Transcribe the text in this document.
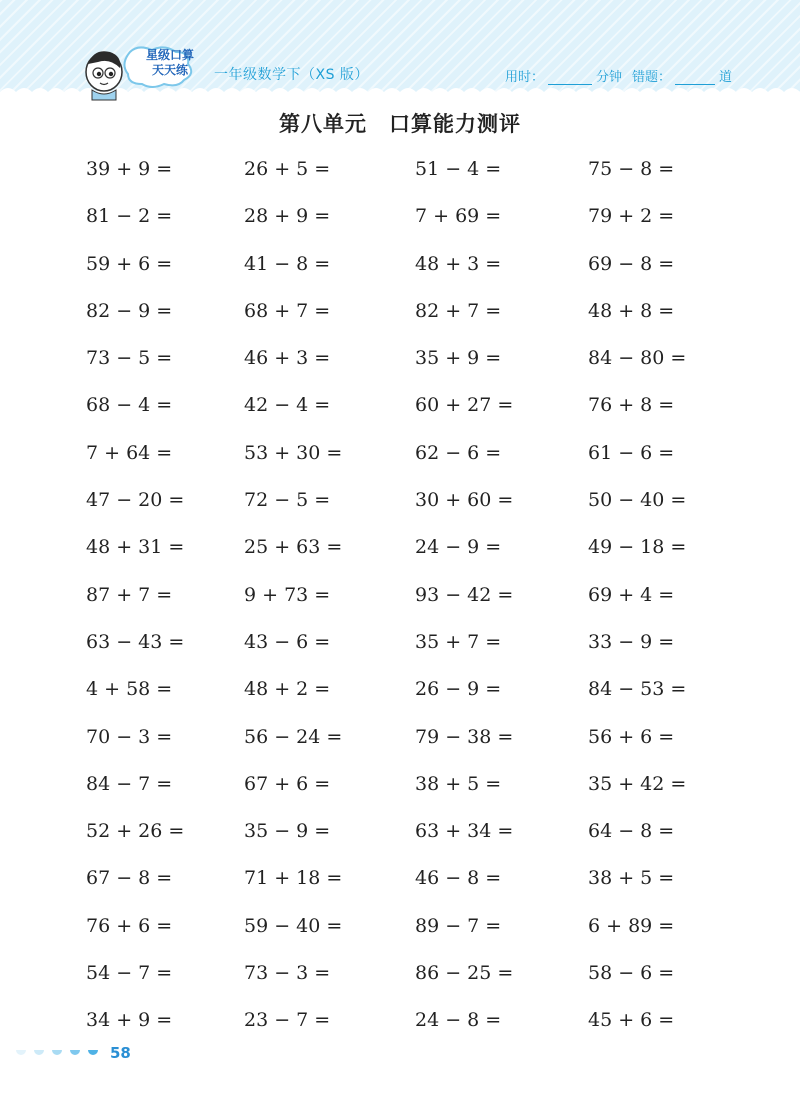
星级口算
天天练	一年级数学下（XS 版）	用时：	分钟 错题：	道
第八单元　口算能力测评
39 + 9 =	26 + 5 =	51 − 4 =	75 − 8 =
81 − 2 =	28 + 9 =	7 + 69 =	79 + 2 =
59 + 6 =	41 − 8 =	48 + 3 =	69 − 8 =
82 − 9 =	68 + 7 =	82 + 7 =	48 + 8 =
73 − 5 =	46 + 3 =	35 + 9 =	84 − 80 =
68 − 4 =	42 − 4 =	60 + 27 =	76 + 8 =
7 + 64 =	53 + 30 =	62 − 6 =	61 − 6 =
47 − 20 =	72 − 5 =	30 + 60 =	50 − 40 =
48 + 31 =	25 + 63 =	24 − 9 =	49 − 18 =
87 + 7 =	9 + 73 =	93 − 42 =	69 + 4 =
63 − 43 =	43 − 6 =	35 + 7 =	33 − 9 =
4 + 58 =	48 + 2 =	26 − 9 =	84 − 53 =
70 − 3 =	56 − 24 =	79 − 38 =	56 + 6 =
84 − 7 =	67 + 6 =	38 + 5 =	35 + 42 =
52 + 26 =	35 − 9 =	63 + 34 =	64 − 8 =
67 − 8 =	71 + 18 =	46 − 8 =	38 + 5 =
76 + 6 =	59 − 40 =	89 − 7 =	6 + 89 =
54 − 7 =	73 − 3 =	86 − 25 =	58 − 6 =
34 + 9 =	23 − 7 =	24 − 8 =	45 + 6 =
58
